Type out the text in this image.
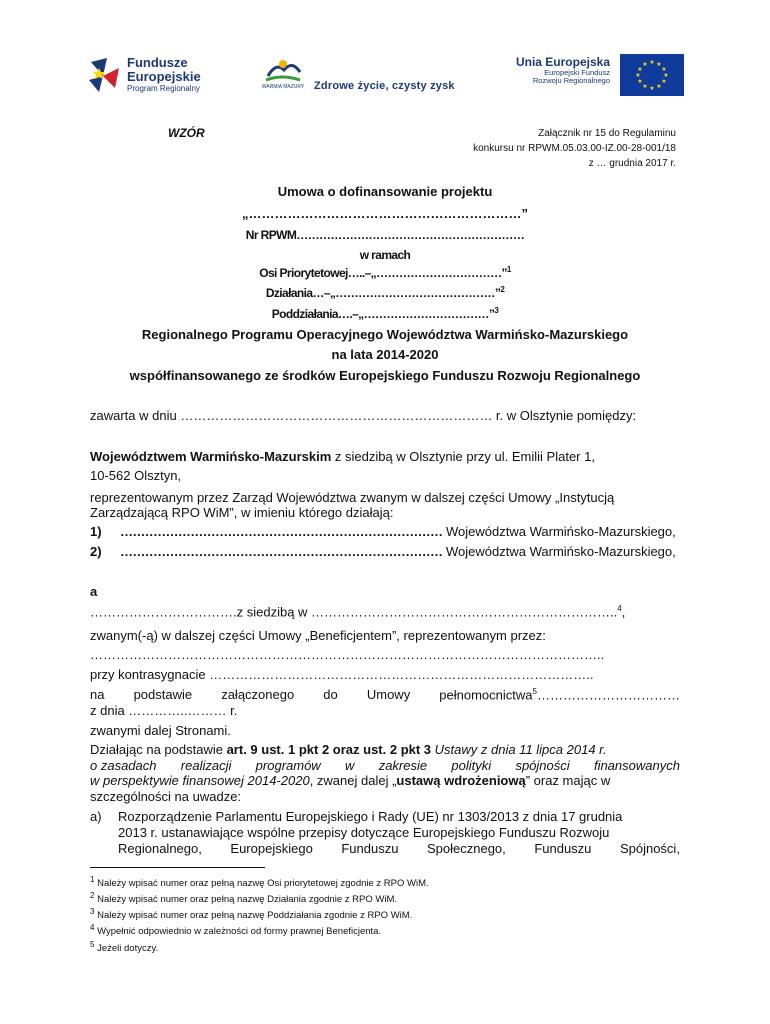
Fundusze
Europejskie
Program Regionalny	WARMIA MAZURY Zdrowe życie, czysty zysk
Unia Europejska
Europejski Fundusz
Rozwoju Regionalnego
★ ★
★
★
★
★
★
★
★
★
★
★
WZÓR	Załącznik nr 15 do Regulaminu
konkursu nr RPWM.05.03.00-IZ.00-28-001/18
z … grudnia 2017 r.
Umowa o dofinansowanie projektu
„………………………………………………………”
Nr RPWM……………………………………………………
w ramach
Osi Priorytetowej…..–„……………………………”$^1$
Działania…–„……………………………………”$^2$
Poddziałania….–„……………………………”$^3$
Regionalnego Programu Operacyjnego Województwa Warmińsko-Mazurskiego
na lata 2014-2020
współfinansowanego ze środków Europejskiego Funduszu Rozwoju Regionalnego
zawarta w dniu ……………………………………………………………… r. w Olsztynie pomiędzy:
Województwem Warmińsko-Mazurskim z siedzibą w Olsztynie przy ul. Emilii Plater 1,
10-562 Olsztyn,
reprezentowanym przez Zarząd Województwa zwanym w dalszej części Umowy „Instytucją
Zarządzającą RPO WiM”, w imieniu którego działają:
1) …………………………………………………………………… Województwa Warmińsko-Mazurskiego,
2) …………………………………………………………………… Województwa Warmińsko-Mazurskiego,
a
…………………………….z siedzibą w ……………………………………………………………..$^4$,
zwanym(-ą) w dalszej części Umowy „Beneficjentem”, reprezentowanym przez:
………………………………………………………………………………………………………..
przy kontrasygnacie ……………………………………………………………………………..
na podstawie załączonego do Umowy pełnomocnictwa$^5$……………………………
z dnia …………..……… r.
zwanymi dalej Stronami.
Działając na podstawie art. 9 ust. 1 pkt 2 oraz ust. 2 pkt 3 Ustawy z dnia 11 lipca 2014 r.
o zasadach realizacji programów w zakresie polityki spójności finansowanych
w perspektywie finansowej 2014-2020, zwanej dalej „ustawą wdrożeniową” oraz mając w
szczególności na uwadze:
a) Rozporządzenie Parlamentu Europejskiego i Rady (UE) nr 1303/2013 z dnia 17 grudnia
2013 r. ustanawiające wspólne przepisy dotyczące Europejskiego Funduszu Rozwoju
Regionalnego, Europejskiego Funduszu Społecznego, Funduszu Spójności,
$^1$ Należy wpisać numer oraz pełną nazwę Osi priorytetowej zgodnie z RPO WiM.
$^2$ Należy wpisać numer oraz pełną nazwę Działania zgodnie z RPO WiM.
$^3$ Należy wpisać numer oraz pełną nazwę Poddziałania zgodnie z RPO WiM.
$^4$ Wypełnić odpowiednio w zależności od formy prawnej Beneficjenta.
$^5$ Jeżeli dotyczy.
